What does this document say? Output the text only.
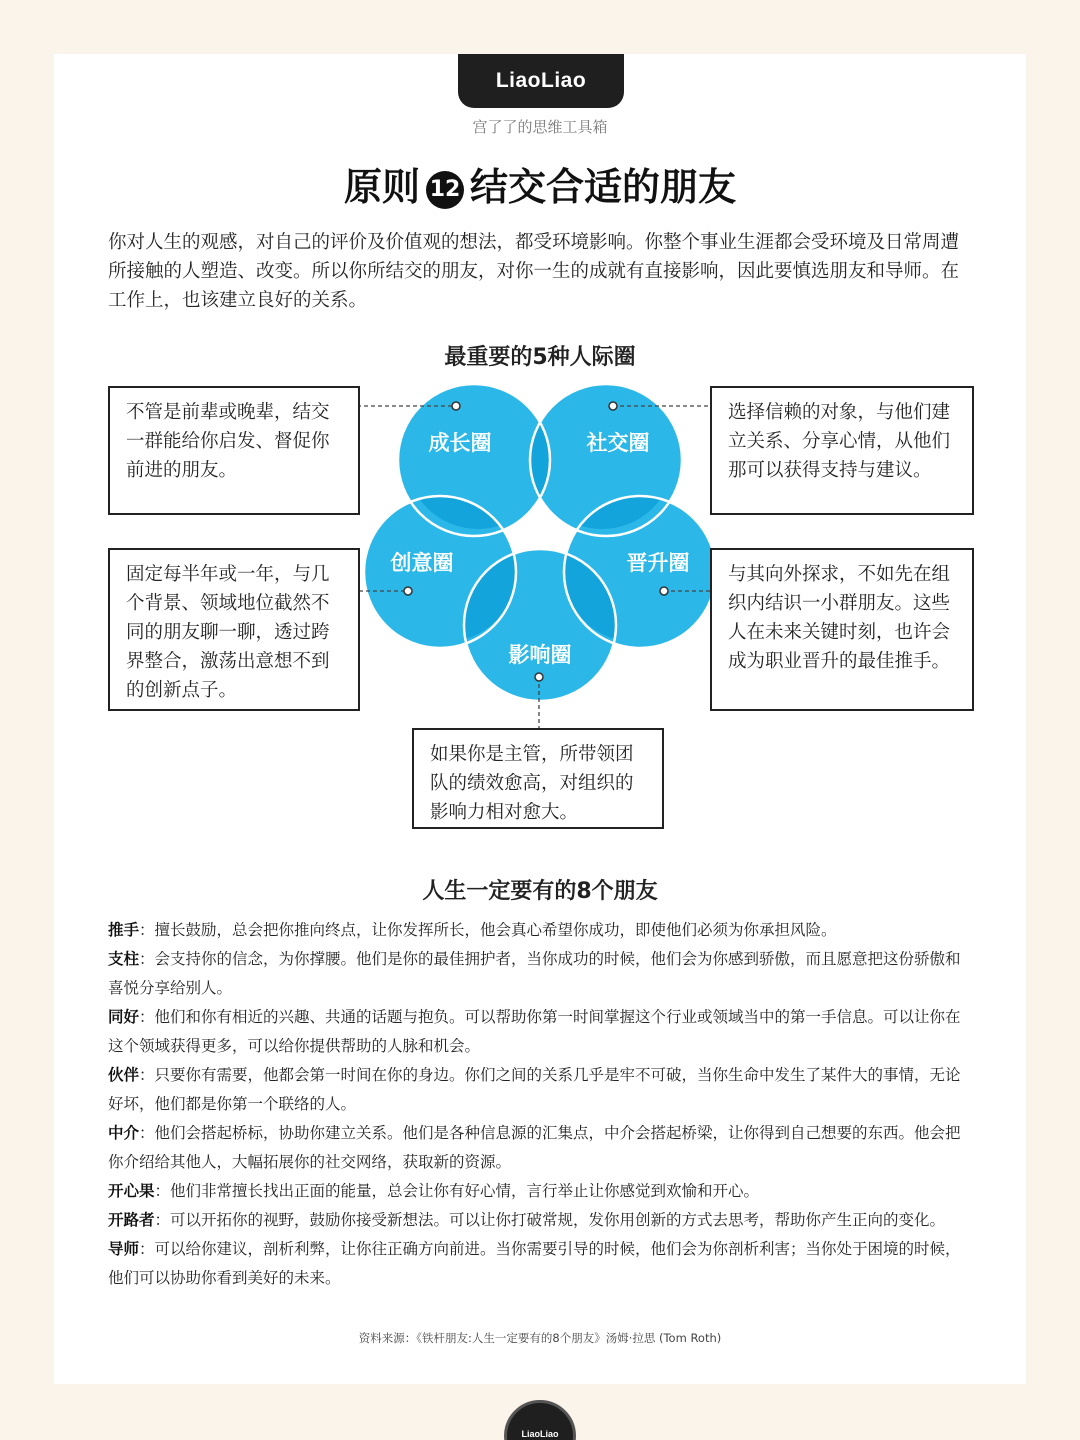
LiaoLiao
宫了了的思维工具箱
原则 12 结交合适的朋友
你对人生的观感，对自己的评价及价值观的想法，都受环境影响。你整个事业生涯都会受环境及日常周遭所接触的人塑造、改变。所以你所结交的朋友，对你一生的成就有直接影响，因此要慎选朋友和导师。在工作上，也该建立良好的关系。
最重要的5种人际圈
成长圈	社交圈
创意圈	晋升圈
影响圈
不管是前辈或晚辈，结交一群能给你启发、督促你前进的朋友。
选择信赖的对象，与他们建立关系、分享心情，从他们那可以获得支持与建议。
固定每半年或一年，与几个背景、领域地位截然不同的朋友聊一聊，透过跨界整合，激荡出意想不到的创新点子。
与其向外探求，不如先在组织内结识一小群朋友。这些人在未来关键时刻，也许会成为职业晋升的最佳推手。
如果你是主管，所带领团队的绩效愈高，对组织的影响力相对愈大。
人生一定要有的8个朋友

推手：擅长鼓励，总会把你推向终点，让你发挥所长，他会真心希望你成功，即使他们必须为你承担风险。

支柱：会支持你的信念，为你撑腰。他们是你的最佳拥护者，当你成功的时候，他们会为你感到骄傲，而且愿意把这份骄傲和喜悦分享给别人。

同好：他们和你有相近的兴趣、共通的话题与抱负。可以帮助你第一时间掌握这个行业或领域当中的第一手信息。可以让你在这个领域获得更多，可以给你提供帮助的人脉和机会。

伙伴：只要你有需要，他都会第一时间在你的身边。你们之间的关系几乎是牢不可破，当你生命中发生了某件大的事情，无论好坏，他们都是你第一个联络的人。

中介：他们会搭起桥标，协助你建立关系。他们是各种信息源的汇集点，中介会搭起桥梁，让你得到自己想要的东西。他会把你介绍给其他人，大幅拓展你的社交网络，获取新的资源。

开心果：他们非常擅长找出正面的能量，总会让你有好心情，言行举止让你感觉到欢愉和开心。

开路者：可以开拓你的视野，鼓励你接受新想法。可以让你打破常规，发你用创新的方式去思考，帮助你产生正向的变化。

导师：可以给你建议，剖析利弊，让你往正确方向前进。当你需要引导的时候，他们会为你剖析利害；当你处于困境的时候，他们可以协助你看到美好的未来。

资料来源：《铁杆朋友:人生一定要有的8个朋友》汤姆·拉思 (Tom Roth)
LiaoLiao
